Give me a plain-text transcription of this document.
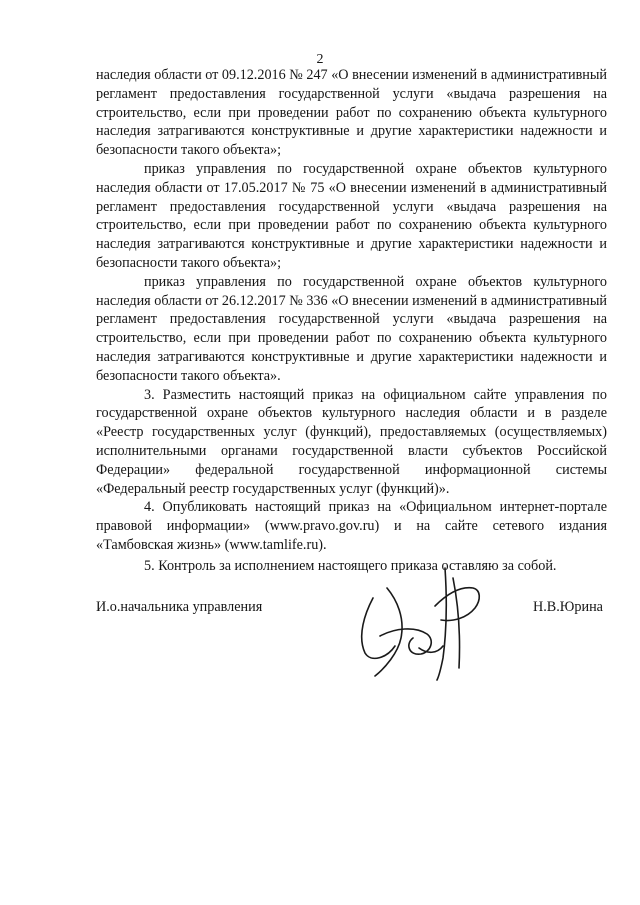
2

наследия области от 09.12.2016 № 247 «О внесении изменений в административный регламент предоставления государственной услуги «выдача разрешения на строительство, если при проведении работ по сохранению объекта культурного наследия затрагиваются конструктивные и другие характеристики надежности и безопасности такого объекта»;

приказ управления по государственной охране объектов культурного наследия области от 17.05.2017 № 75 «О внесении изменений в административный регламент предоставления государственной услуги «выдача разрешения на строительство, если при проведении работ по сохранению объекта культурного наследия затрагиваются конструктивные и другие характеристики надежности и безопасности такого объекта»;

приказ управления по государственной охране объектов культурного наследия области от 26.12.2017 № 336 «О внесении изменений в административный регламент предоставления государственной услуги «выдача разрешения на строительство, если при проведении работ по сохранению объекта культурного наследия затрагиваются конструктивные и другие характеристики надежности и безопасности такого объекта».

3. Разместить настоящий приказ на официальном сайте управления по государственной охране объектов культурного наследия области и в разделе «Реестр государственных услуг (функций), предоставляемых (осуществляемых) исполнительными органами государственной власти субъектов Российской Федерации» федеральной государственной информационной системы «Федеральный реестр государственных услуг (функций)».

4. Опубликовать настоящий приказ на «Официальном интернет-портале правовой информации» (www.pravo.gov.ru) и на сайте сетевого издания «Тамбовская жизнь» (www.tamlife.ru).

5. Контроль за исполнением настоящего приказа оставляю за собой.

И.о.начальника управления	Н.В.Юрина
